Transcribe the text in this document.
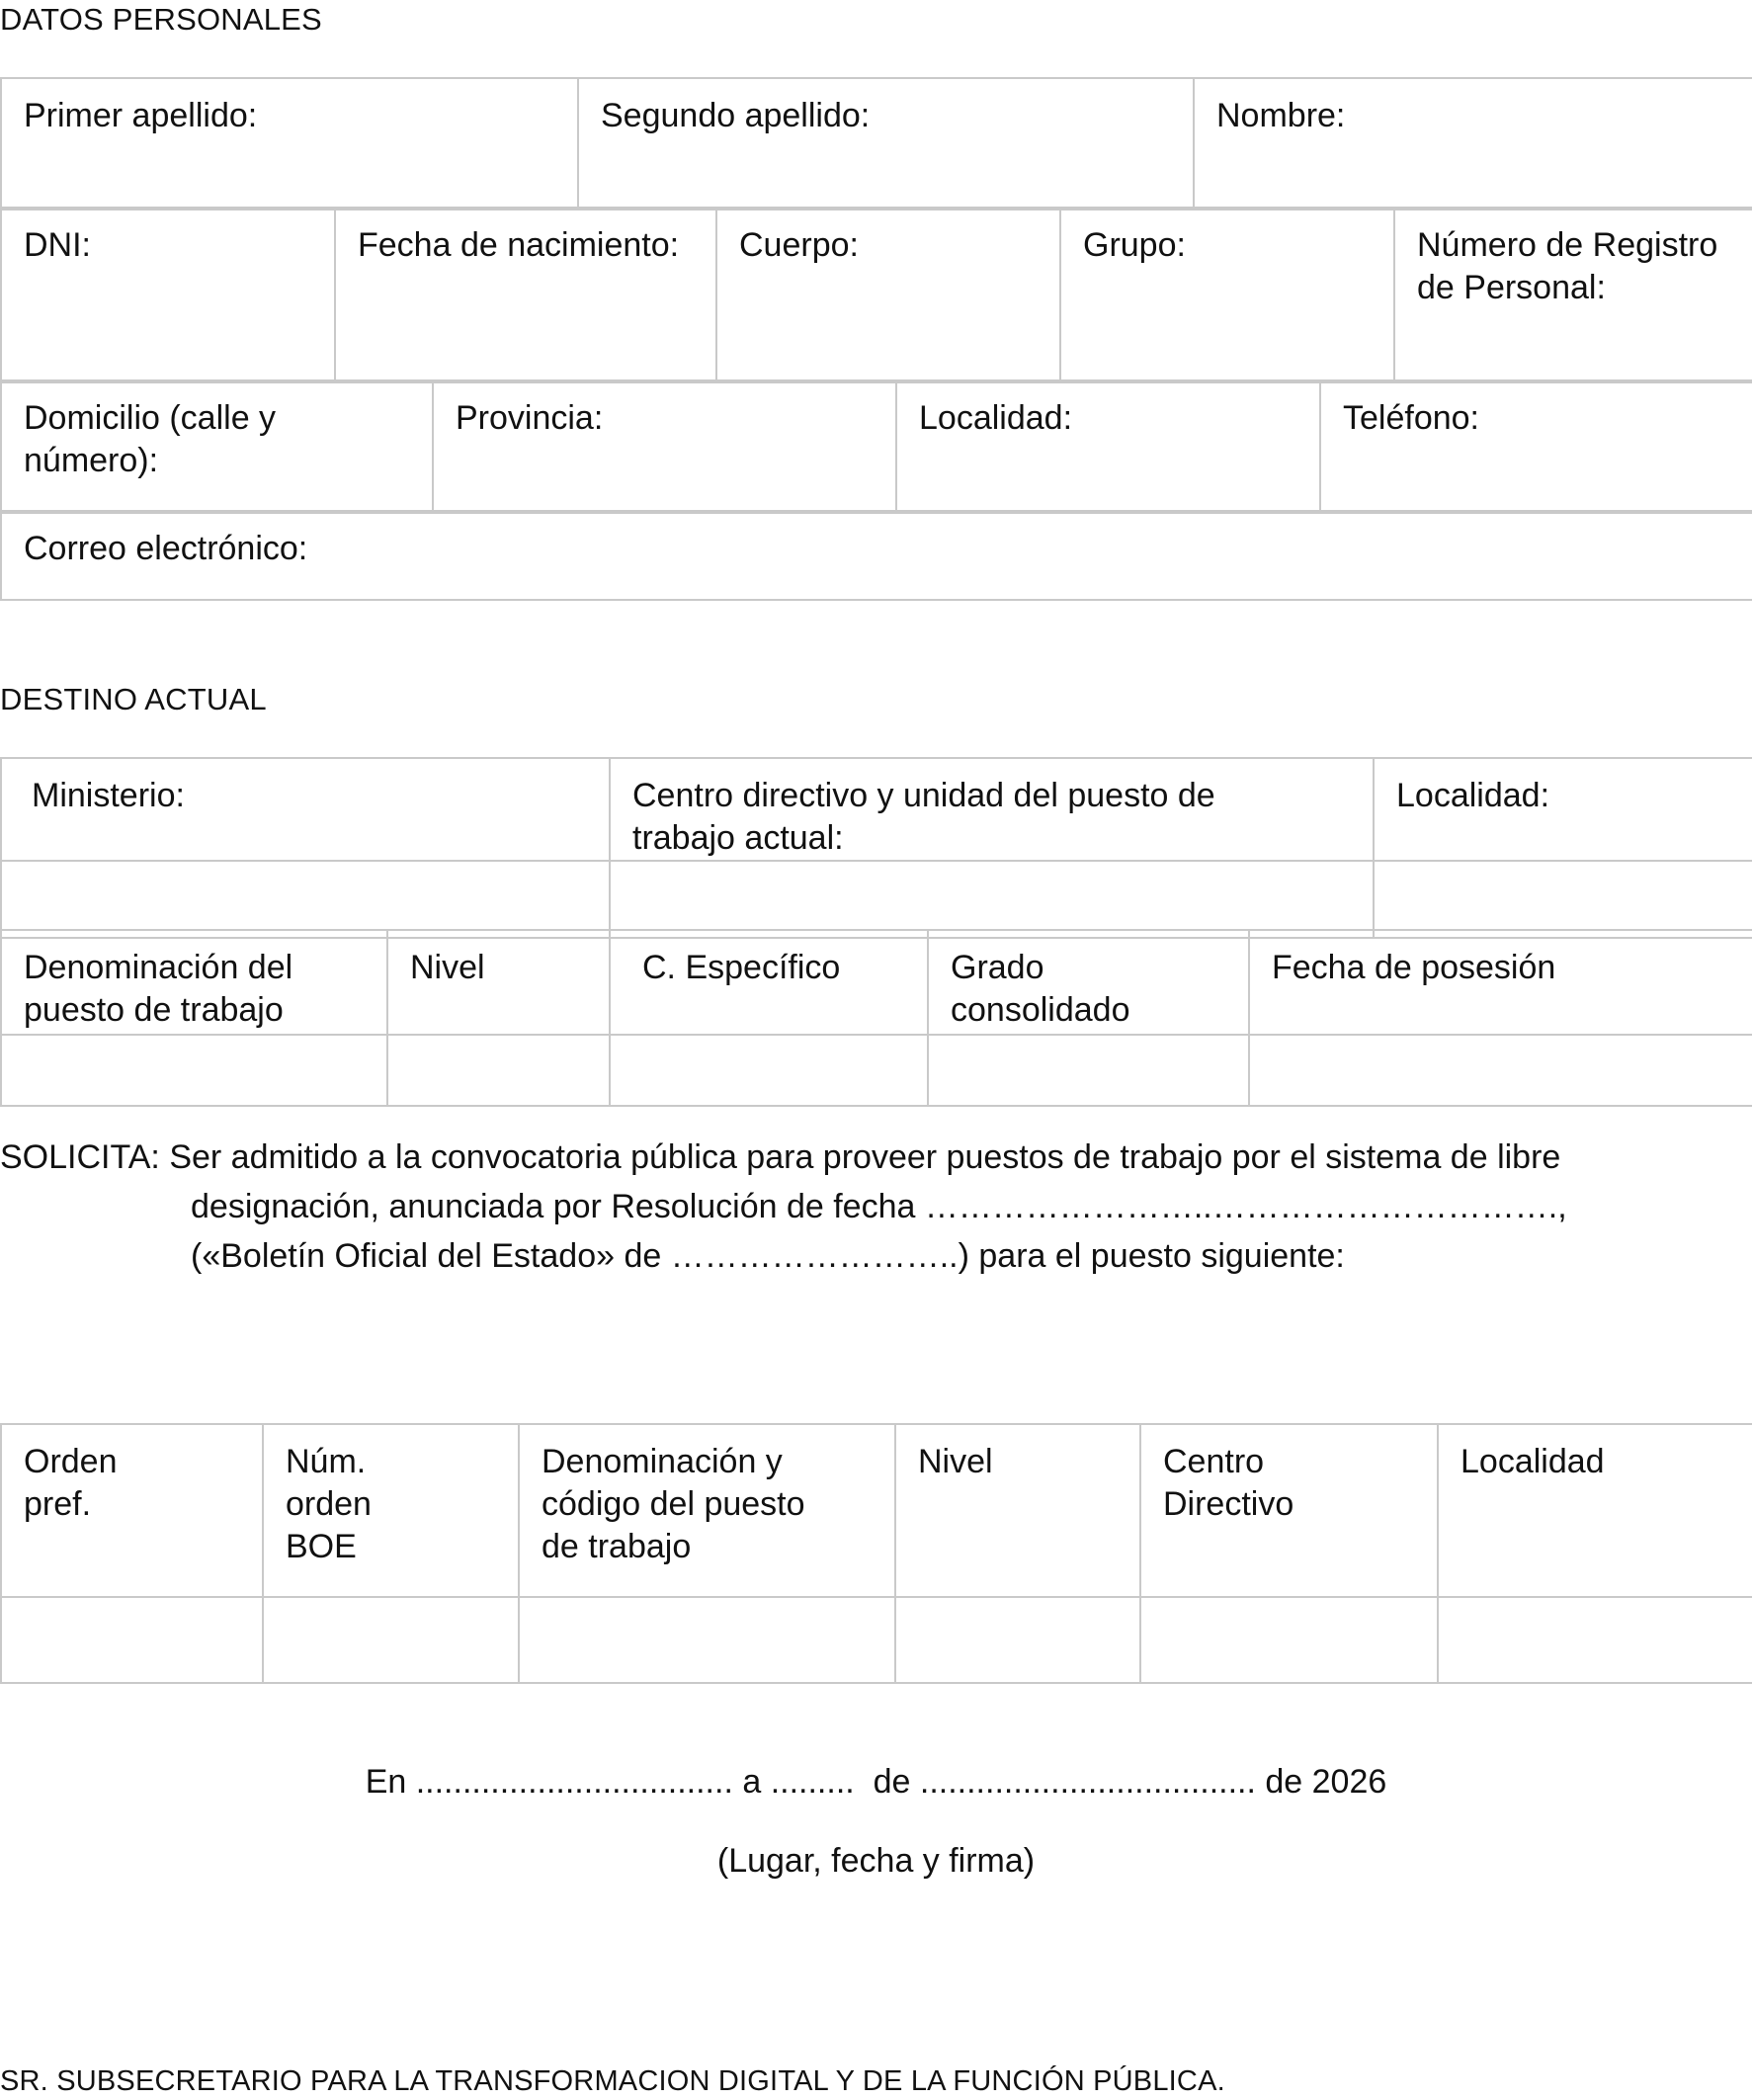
DATOS PERSONALES
Primer apellido:	Segundo apellido:	Nombre:
DNI:	Fecha de nacimiento:	Cuerpo:	Grupo:	Número de Registro de Personal:
Domicilio (calle y número):	Provincia:	Localidad:	Teléfono:
Correo electrónico:
DESTINO ACTUAL
Ministerio:	Centro directivo y unidad del puesto de trabajo actual:	Localidad:

Denominación del puesto de trabajo	Nivel	C. Específico	Grado consolidado	Fecha de posesión

SOLICITA: Ser admitido a la convocatoria pública para proveer puestos de trabajo por el sistema de libre
designación, anunciada por Resolución de fecha ……………………..………………………….,
(«Boletín Oficial del Estado» de ……………………..) para el puesto siguiente:
Orden pref.	Núm. orden BOE	Denominación y código del puesto de trabajo	Nivel	Centro Directivo	Localidad

En .................................. a .........  de .................................... de 2026
(Lugar, fecha y firma)
SR. SUBSECRETARIO PARA LA TRANSFORMACION DIGITAL Y DE LA FUNCIÓN PÚBLICA.
